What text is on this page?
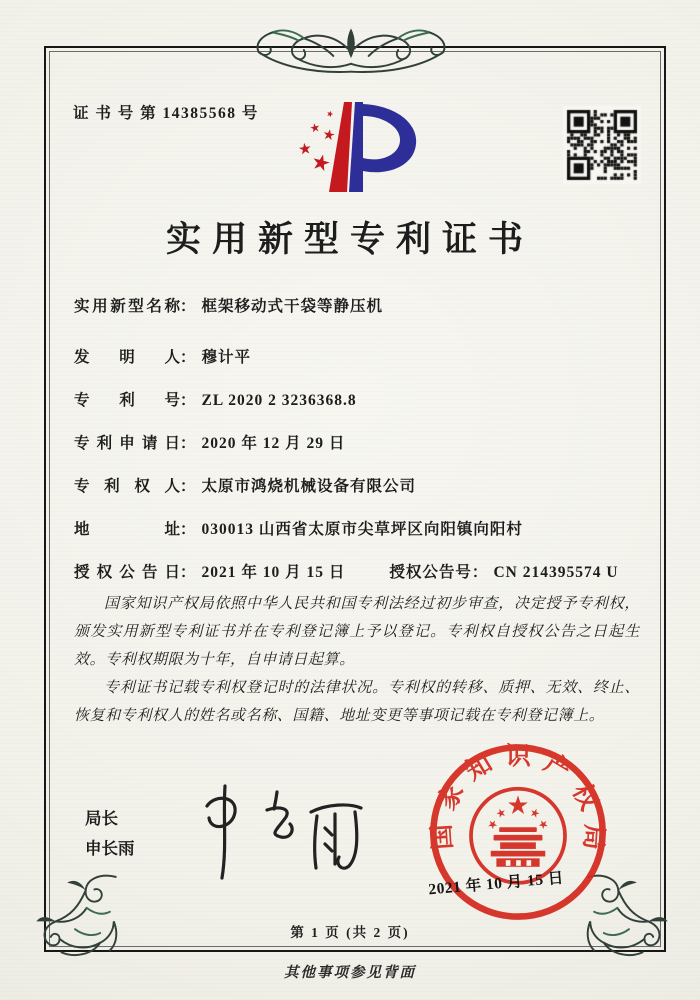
证 书 号 第 14385568 号
实用新型专利证书
实用新型名称： 框架移动式干袋等静压机
发明人： 穆计平
专利号： ZL 2020 2 3236368.8
专利申请日： 2020 年 12 月 29 日
专利权人： 太原市鸿烧机械设备有限公司
地址： 030013 山西省太原市尖草坪区向阳镇向阳村
授权公告日： 2021 年 10 月 15 日	授权公告号： CN 214395574 U

国家知识产权局依照中华人民共和国专利法经过初步审查，决定授予专利权，颁发实用新型专利证书并在专利登记簿上予以登记。专利权自授权公告之日起生效。专利权期限为十年，自申请日起算。

专利证书记载专利权登记时的法律状况。专利权的转移、质押、无效、终止、恢复和专利权人的姓名或名称、国籍、地址变更等事项记载在专利登记簿上。

局长
申长雨	国家知识产权局
2021 年 10 月 15 日
第 1 页 (共 2 页)
其他事项参见背面
